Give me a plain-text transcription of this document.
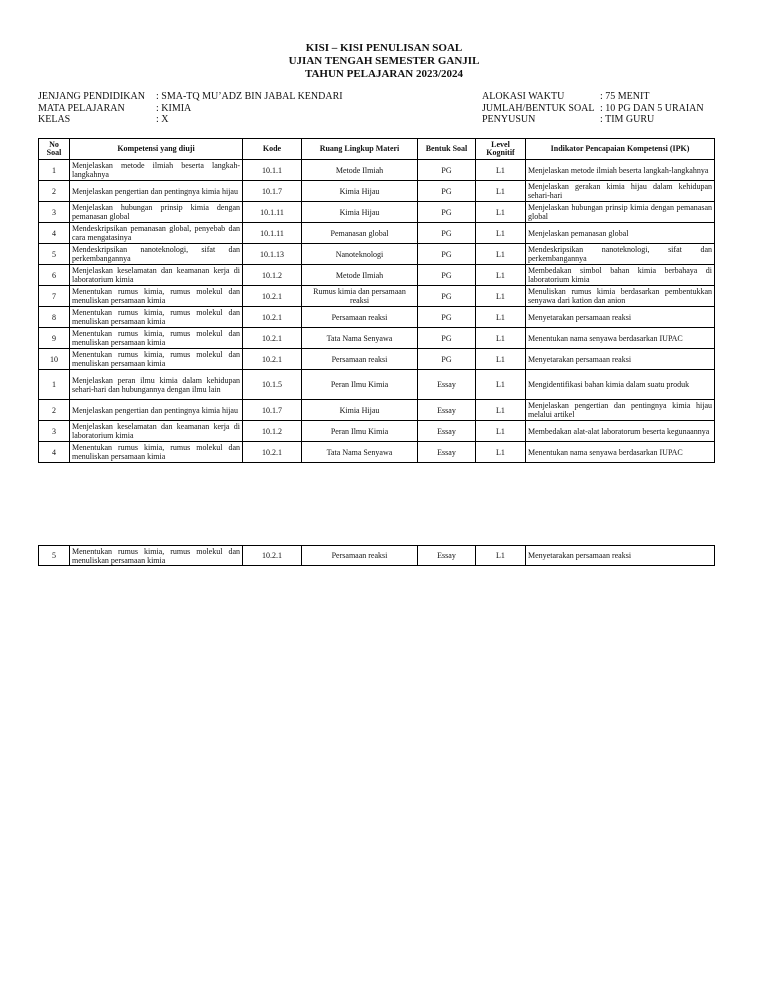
KISI – KISI PENULISAN SOAL
UJIAN TENGAH SEMESTER GANJIL
TAHUN PELAJARAN 2023/2024
JENJANG PENDIDIKAN	: SMA-TQ MU’ADZ BIN JABAL KENDARI
MATA PELAJARAN	: KIMIA
KELAS	: X
ALOKASI WAKTU	: 75 MENIT
JUMLAH/BENTUK SOAL : 10 PG DAN 5 URAIAN
PENYUSUN	: TIM GURU
No Soal	Kompetensi yang diuji	Kode	Ruang Lingkup Materi	Bentuk Soal	Level Kognitif	Indikator Pencapaian Kompetensi (IPK)
1	Menjelaskan metode ilmiah beserta langkah-langkahnya	10.1.1	Metode Ilmiah	PG	L1	Menjelaskan metode ilmiah beserta langkah-langkahnya
2	Menjelaskan pengertian dan pentingnya kimia hijau	10.1.7	Kimia Hijau	PG	L1	Menjelaskan gerakan kimia hijau dalam kehidupan sehari-hari
3	Menjelaskan hubungan prinsip kimia dengan pemanasan global	10.1.11	Kimia Hijau	PG	L1	Menjelaskan hubungan prinsip kimia dengan pemanasan global
4	Mendeskripsikan pemanasan global, penyebab dan cara mengatasinya	10.1.11	Pemanasan global	PG	L1	Menjelaskan pemanasan global
5	Mendeskripsikan nanoteknologi, sifat dan perkembangannya	10.1.13	Nanoteknologi	PG	L1	Mendeskripsikan nanoteknologi, sifat dan perkembangannya
6	Menjelaskan keselamatan dan keamanan kerja di laboratorium kimia	10.1.2	Metode Ilmiah	PG	L1	Membedakan simbol bahan kimia berbahaya di laboratorium kimia
7	Menentukan rumus kimia, rumus molekul dan menuliskan persamaan kimia	10.2.1	Rumus kimia dan persamaan reaksi	PG	L1	Menuliskan rumus kimia berdasarkan pembentukkan senyawa dari kation dan anion
8	Menentukan rumus kimia, rumus molekul dan menuliskan persamaan kimia	10.2.1	Persamaan reaksi	PG	L1	Menyetarakan persamaan reaksi
9	Menentukan rumus kimia, rumus molekul dan menuliskan persamaan kimia	10.2.1	Tata Nama Senyawa	PG	L1	Menentukan nama senyawa berdasarkan IUPAC
10	Menentukan rumus kimia, rumus molekul dan menuliskan persamaan kimia	10.2.1	Persamaan reaksi	PG	L1	Menyetarakan persamaan reaksi
1	Menjelaskan peran ilmu kimia dalam kehidupan sehari-hari dan hubungannya dengan ilmu lain	10.1.5	Peran Ilmu Kimia	Essay	L1	Mengidentifikasi bahan kimia dalam suatu produk
2	Menjelaskan pengertian dan pentingnya kimia hijau	10.1.7	Kimia Hijau	Essay	L1	Menjelaskan pengertian dan pentingnya kimia hijau melalui artikel
3	Menjelaskan keselamatan dan keamanan kerja di laboratorium kimia	10.1.2	Peran Ilmu Kimia	Essay	L1	Membedakan alat-alat laboratorum beserta kegunaannya
4	Menentukan rumus kimia, rumus molekul dan menuliskan persamaan kimia	10.2.1	Tata Nama Senyawa	Essay	L1	Menentukan nama senyawa berdasarkan IUPAC
5	Menentukan rumus kimia, rumus molekul dan menuliskan persamaan kimia	10.2.1	Persamaan reaksi	Essay	L1	Menyetarakan persamaan reaksi
